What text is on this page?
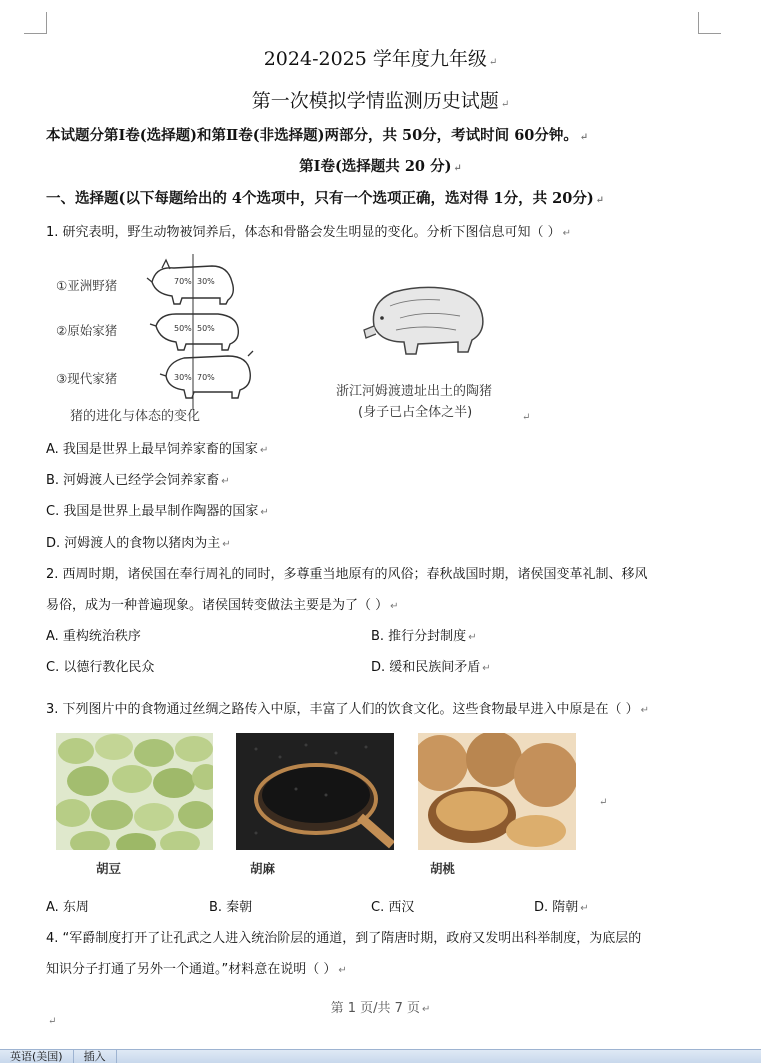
2024-2025 学年度九年级 ↵
第一次模拟学情监测历史试题 ↵
本试题分第Ⅰ卷(选择题)和第Ⅱ卷(非选择题)两部分，共 50分，考试时间 60分钟。 ↵
第Ⅰ卷(选择题共 20 分) ↵
一、选择题(以下每题给出的 4个选项中，只有一个选项正确，选对得 1分，共 20分) ↵
1. 研究表明，野生动物被饲养后，体态和骨骼会发生明显的变化。分析下图信息可知（ ） ↵
①亚洲野猪
②原始家猪
③现代家猪
70% 30%
50% 50%
30% 70%
猪的进化与体态的变化
浙江河姆渡遗址出土的陶猪
(身子已占全体之半)	↵
A. 我国是世界上最早饲养家畜的国家 ↵
B. 河姆渡人已经学会饲养家畜 ↵
C. 我国是世界上最早制作陶器的国家 ↵
D. 河姆渡人的食物以猪肉为主 ↵
2. 西周时期，诸侯国在奉行周礼的同时，多尊重当地原有的风俗；春秋战国时期，诸侯国变革礼制、移风
易俗，成为一种普遍现象。诸侯国转变做法主要是为了（ ） ↵
A. 重构统治秩序	B. 推行分封制度 ↵
C. 以德行教化民众	D. 缓和民族间矛盾 ↵
3. 下列图片中的食物通过丝绸之路传入中原，丰富了人们的饮食文化。这些食物最早进入中原是在（ ） ↵
胡豆	胡麻	胡桃
↵
A. 东周	B. 秦朝	C. 西汉	D. 隋朝 ↵
4. “军爵制度打开了让孔武之人进入统治阶层的通道，到了隋唐时期，政府又发明出科举制度，为底层的
知识分子打通了另外一个通道。”材料意在说明（ ） ↵
第 1 页/共 7 页 ↵
↵
英语(美国) 插入
